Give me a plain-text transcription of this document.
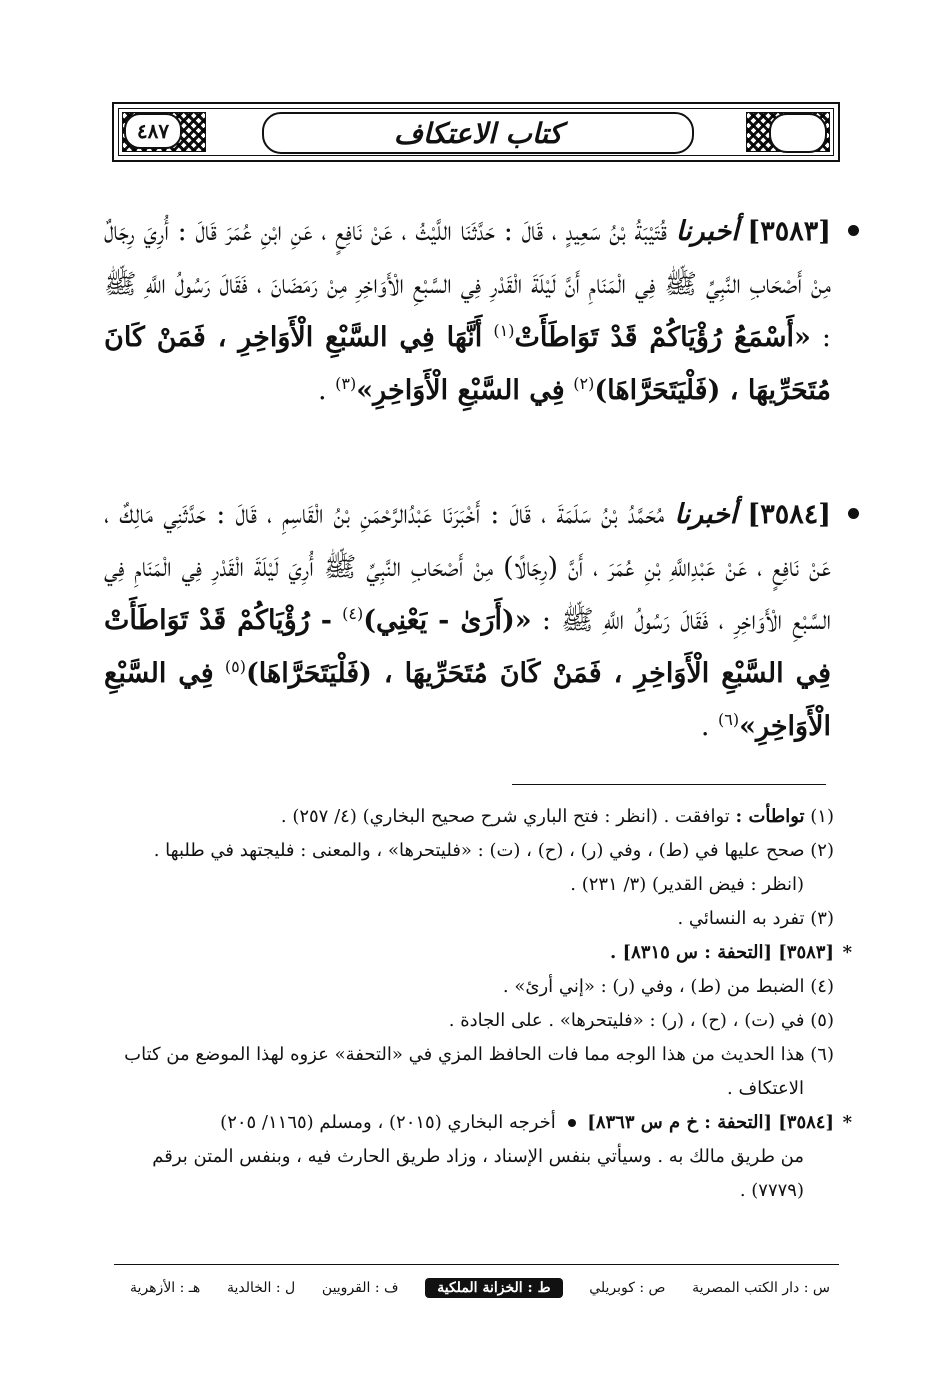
٤٨٧	كتاب الاعتكاف
[٣٥٨٣] أخبرنا قُتَيْبَةُ بْنُ سَعِيدٍ ، قَالَ : حَدَّثَنَا اللَّيْثُ ، عَنْ نَافِعٍ ، عَنِ ابْنِ عُمَرَ قَالَ : أُرِيَ رِجَالٌ مِنْ أَصْحَابِ النَّبِيِّ ﷺ فِي الْمَنَامِ أَنَّ لَيْلَةَ الْقَدْرِ فِي السَّبْعِ الْأَوَاخِرِ مِنْ رَمَضَانَ ، فَقَالَ رَسُولُ اللَّهِ ﷺ : «أَسْمَعُ رُؤْيَاكُمْ قَدْ تَوَاطَأَتْ$^{(١)}$ أَنَّهَا فِي السَّبْعِ الْأَوَاخِرِ ، فَمَنْ كَانَ مُتَحَرِّيهَا ، (فَلْيَتَحَرَّاهَا)$^{(٢)}$ فِي السَّبْعِ الْأَوَاخِرِ»$^{(٣)}$ .
[٣٥٨٤] أخبرنا مُحَمَّدُ بْنُ سَلَمَةَ ، قَالَ : أَخْبَرَنَا عَبْدُالرَّحْمَنِ بْنُ الْقَاسِمِ ، قَالَ : حَدَّثَنِي مَالِكٌ ، عَنْ نَافِعٍ ، عَنْ عَبْدِاللَّهِ بْنِ عُمَرَ ، أَنَّ (رِجَالًا) مِنْ أَصْحَابِ النَّبِيِّ ﷺ أُرِيَ لَيْلَةَ الْقَدْرِ فِي الْمَنَامِ فِي السَّبْعِ الْأَوَاخِرِ ، فَقَالَ رَسُولُ اللَّهِ ﷺ : «(أَرَىٰ - يَعْنِي)$^{(٤)}$ - رُؤْيَاكُمْ قَدْ تَوَاطَأَتْ فِي السَّبْعِ الْأَوَاخِرِ ، فَمَنْ كَانَ مُتَحَرِّيهَا ، (فَلْيَتَحَرَّاهَا)$^{(٥)}$ فِي السَّبْعِ الْأَوَاخِرِ»$^{(٦)}$ .
(١) تواطأت : توافقت . (انظر : فتح الباري شرح صحيح البخاري) (٤/ ٢٥٧) .
(٢) صحح عليها في (ط) ، وفي (ر) ، (ح) ، (ت) : «فليتحرها» ، والمعنى : فليجتهد في طلبها .
(انظر : فيض القدير) (٣/ ٢٣١) .
(٣) تفرد به النسائي .
*
[٣٥٨٣] [التحفة : س ٨٣١٥] .
(٤) الضبط من (ط) ، وفي (ر) : «إني أرئ» .
(٥) في (ت) ، (ح) ، (ر) : «فليتحرها» . على الجادة .
(٦) هذا الحديث من هذا الوجه مما فات الحافظ المزي في «التحفة» عزوه لهذا الموضع من كتاب
الاعتكاف .
*
[٣٥٨٤] [التحفة : خ م س ٨٣٦٣]  أخرجه البخاري (٢٠١٥) ، ومسلم (١١٦٥/ ٢٠٥)
من طريق مالك به . وسيأتي بنفس الإسناد ، وزاد طريق الحارث فيه ، وبنفس المتن برقم
(٧٧٧٩) .
س : دار الكتب المصرية
ص : كوبريلي
ط : الخزانة الملكية
ف : القرويين
ل : الخالدية
هـ : الأزهرية
